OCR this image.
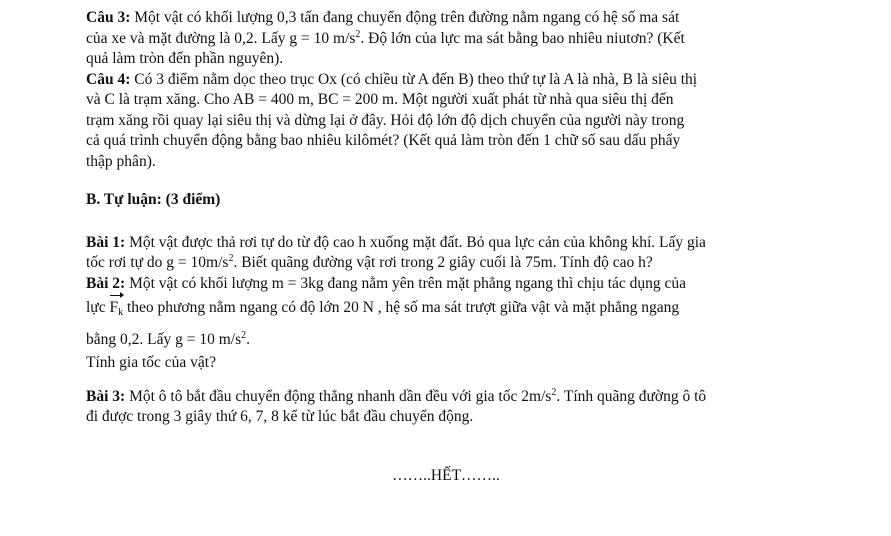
Câu 3: Một vật có khối lượng 0,3 tấn đang chuyển động trên đường nằm ngang có hệ số ma sát

của xe và mặt đường là 0,2. Lấy g = 10 $m/s^2$. Độ lớn của lực ma sát bằng bao nhiêu niutơn? (Kết

quả làm tròn đến phần nguyên).

Câu 4: Có 3 điểm nằm dọc theo trục Ox (có chiều từ A đến B) theo thứ tự là A là nhà, B là siêu thị

và C là trạm xăng. Cho AB = 400 m, BC = 200 m. Một người xuất phát từ nhà qua siêu thị đến

trạm xăng rồi quay lại siêu thị và dừng lại ở đây. Hỏi độ lớn độ dịch chuyển của người này trong

cả quá trình chuyển động bằng bao nhiêu kilômét? (Kết quả làm tròn đến 1 chữ số sau dấu phẩy

thập phân).

B. Tự luận: (3 điểm)

Bài 1: Một vật được thả rơi tự do từ độ cao h xuống mặt đất. Bỏ qua lực cản của không khí. Lấy gia

tốc rơi tự do $g = 10m/s^2$. Biết quãng đường vật rơi trong 2 giây cuối là 75m. Tính độ cao h?

Bài 2: Một vật có khối lượng m = 3kg đang nằm yên trên mặt phẳng ngang thì chịu tác dụng của

lực $F_k$ theo phương nằm ngang có độ lớn 20 N , hệ số ma sát trượt giữa vật và mặt phẳng ngang

bằng 0,2. Lấy g = 10 $m/s^2$.

Tính gia tốc của vật?

Bài 3: Một ô tô bắt đầu chuyển động thẳng nhanh dần đều với gia tốc $2m/s^2$. Tính quãng đường ô tô

đi được trong 3 giây thứ 6, 7, 8 kể từ lúc bắt đầu chuyển động.

……..HẾT……..
